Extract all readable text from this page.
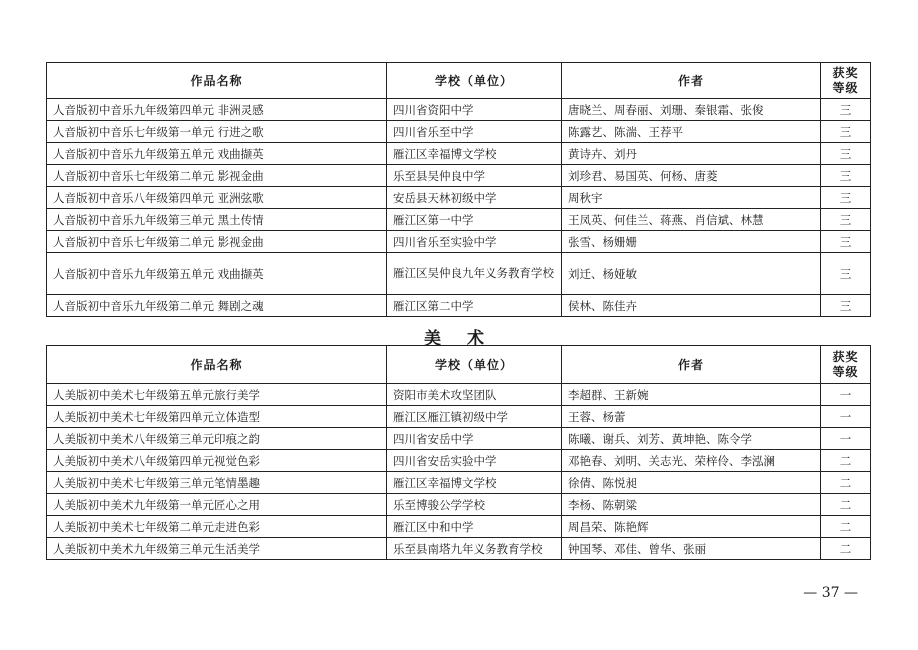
作品名称	学校（单位）	作者	获奖
等级

人音版初中音乐九年级第四单元 非洲灵感	四川省资阳中学	唐晓兰、周春丽、刘珊、秦银霜、张俊	三
人音版初中音乐七年级第一单元 行进之歌	四川省乐至中学	陈露艺、陈湍、王荐平	三
人音版初中音乐九年级第五单元 戏曲撷英	雁江区幸福博文学校	黄诗卉、刘丹	三
人音版初中音乐七年级第二单元 影视金曲	乐至县吴仲良中学	刘珍君、易国英、何杨、唐菱	三
人音版初中音乐八年级第四单元 亚洲弦歌	安岳县天林初级中学	周秋宇	三
人音版初中音乐九年级第三单元 黑土传情	雁江区第一中学	王凤英、何佳兰、蒋燕、肖信斌、林慧	三
人音版初中音乐七年级第二单元 影视金曲	四川省乐至实验中学	张雪、杨姗姗	三
人音版初中音乐九年级第五单元 戏曲撷英	雁江区吴仲良九年义务教育学校	刘迁、杨娅敏	三
人音版初中音乐九年级第二单元 舞剧之魂	雁江区第二中学	侯林、陈佳卉	三
美 术
作品名称	学校（单位）	作者	获奖
等级

人美版初中美术七年级第五单元旅行美学	资阳市美术攻坚团队	李超群、王新婉	一
人美版初中美术七年级第四单元立体造型	雁江区雁江镇初级中学	王蓉、杨蕾	一
人美版初中美术八年级第三单元印痕之韵	四川省安岳中学	陈曦、谢兵、刘芳、黄坤艳、陈令学	一
人美版初中美术八年级第四单元视觉色彩	四川省安岳实验中学	邓艳春、刘明、关志光、荣梓伶、李泓澜	二
人美版初中美术七年级第三单元笔情墨趣	雁江区幸福博文学校	徐倩、陈悦昶	二
人美版初中美术九年级第一单元匠心之用	乐至博骏公学学校	李杨、陈朝粱	二
人美版初中美术七年级第二单元走进色彩	雁江区中和中学	周昌荣、陈艳辉	二
人美版初中美术九年级第三单元生活美学	乐至县南塔九年义务教育学校	钟国琴、邓佳、曾华、张丽	二
— 37 —
